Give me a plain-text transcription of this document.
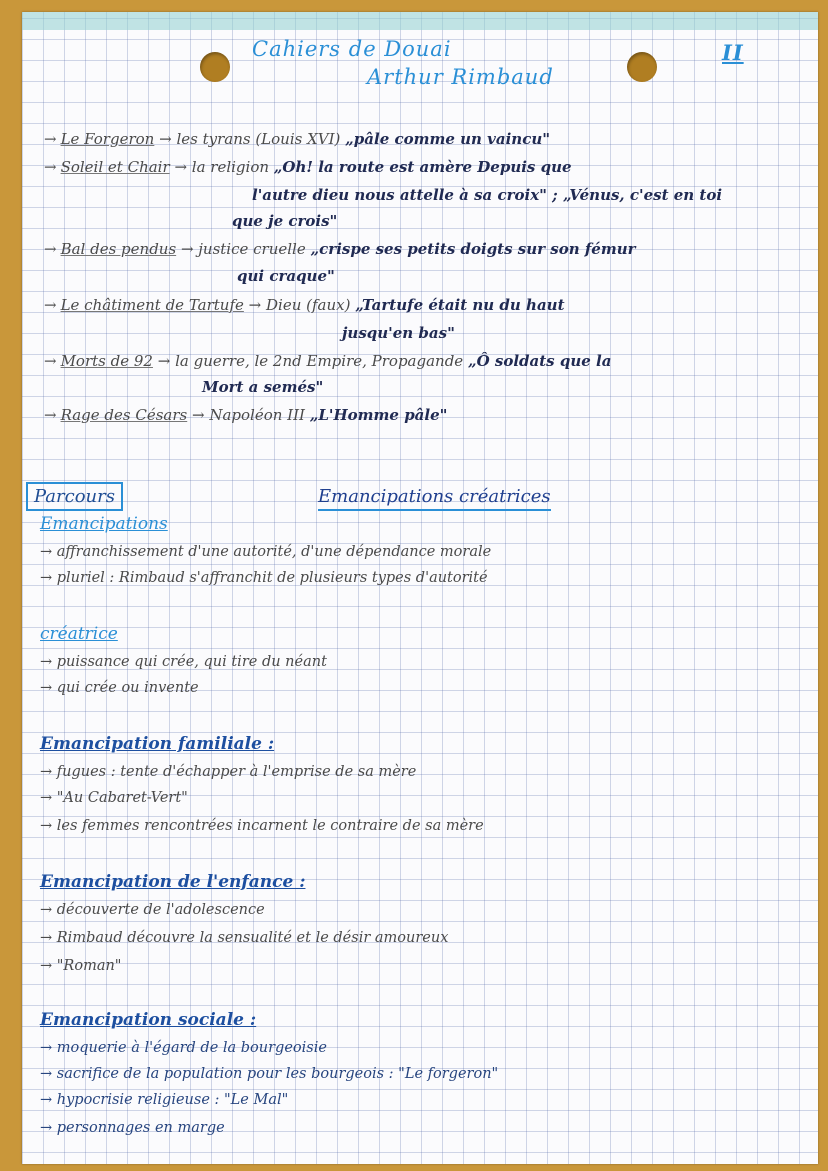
Cahiers de Douai
Arthur Rimbaud
II
→ Le Forgeron → les tyrans (Louis XVI) „pâle comme un vaincu"
→ Soleil et Chair → la religion „Oh! la route est amère Depuis que
l'autre dieu nous attelle à sa croix" ; „Vénus, c'est en toi
que je crois"
→ Bal des pendus → justice cruelle „crispe ses petits doigts sur son fémur
qui craque"
→ Le châtiment de Tartufe → Dieu (faux) „Tartufe était nu du haut
jusqu'en bas"
→ Morts de 92 → la guerre, le 2nd Empire, Propagande „Ô soldats que la
Mort a semés"
→ Rage des Césars → Napoléon III „L'Homme pâle"
Parcours	Emancipations créatrices
Emancipations
→ affranchissement d'une autorité, d'une dépendance morale
→ pluriel : Rimbaud s'affranchit de plusieurs types d'autorité
créatrice
→ puissance qui crée, qui tire du néant
→ qui crée ou invente
Emancipation familiale :
→ fugues : tente d'échapper à l'emprise de sa mère
→ "Au Cabaret-Vert"
→ les femmes rencontrées incarnent le contraire de sa mère
Emancipation de l'enfance :
→ découverte de l'adolescence
→ Rimbaud découvre la sensualité et le désir amoureux
→ "Roman"
Emancipation sociale :
→ moquerie à l'égard de la bourgeoisie
→ sacrifice de la population pour les bourgeois : "Le forgeron"
→ hypocrisie religieuse : "Le Mal"
→ personnages en marge
